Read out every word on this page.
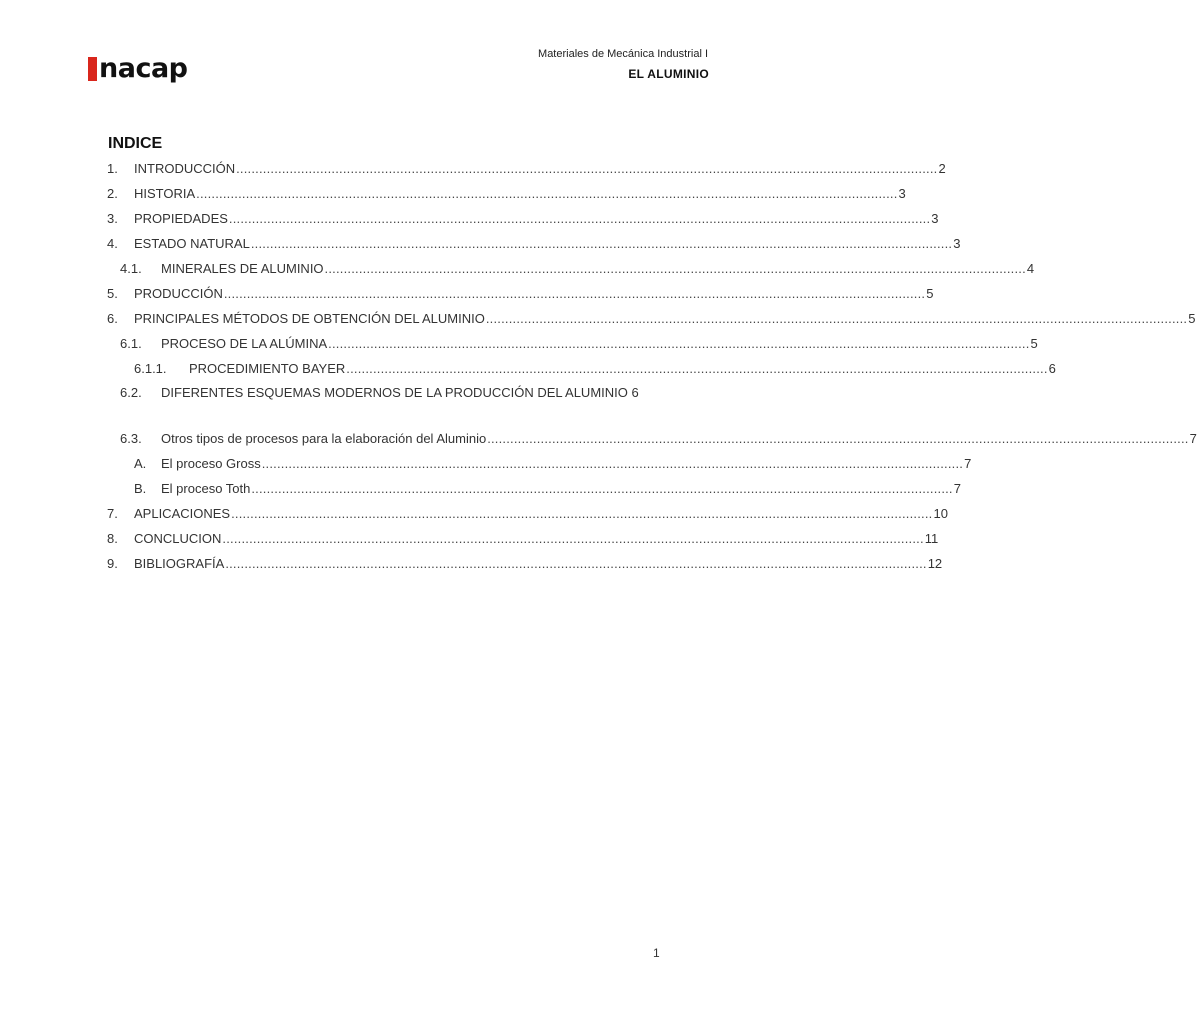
nacap	Materiales de Mecánica Industrial I
EL ALUMINIO
INDICE
1.	INTRODUCCIÓN ........................................................................................................................................................................................ 2
2.	HISTORIA ........................................................................................................................................................................................ 3
3.	PROPIEDADES ........................................................................................................................................................................................ 3
4.	ESTADO NATURAL ........................................................................................................................................................................................ 3
4.1.	MINERALES DE ALUMINIO ........................................................................................................................................................................................ 4
5.	PRODUCCIÓN ........................................................................................................................................................................................ 5
6.	PRINCIPALES MÉTODOS DE OBTENCIÓN DEL ALUMINIO ........................................................................................................................................................................................ 5
6.1.	PROCESO DE LA ALÚMINA ........................................................................................................................................................................................ 5
6.1.1.	PROCEDIMIENTO BAYER ........................................................................................................................................................................................ 6
6.2.	DIFERENTES ESQUEMAS MODERNOS DE LA PRODUCCIÓN DEL ALUMINIO 6
6.3.	Otros tipos de procesos para la elaboración del Aluminio ........................................................................................................................................................................................ 7
A.	El proceso Gross ........................................................................................................................................................................................ 7
B.	El proceso Toth ........................................................................................................................................................................................ 7
7.	APLICACIONES ........................................................................................................................................................................................ 10
8.	CONCLUCION ........................................................................................................................................................................................ 11
9.	BIBLIOGRAFÍA ........................................................................................................................................................................................ 12
1
